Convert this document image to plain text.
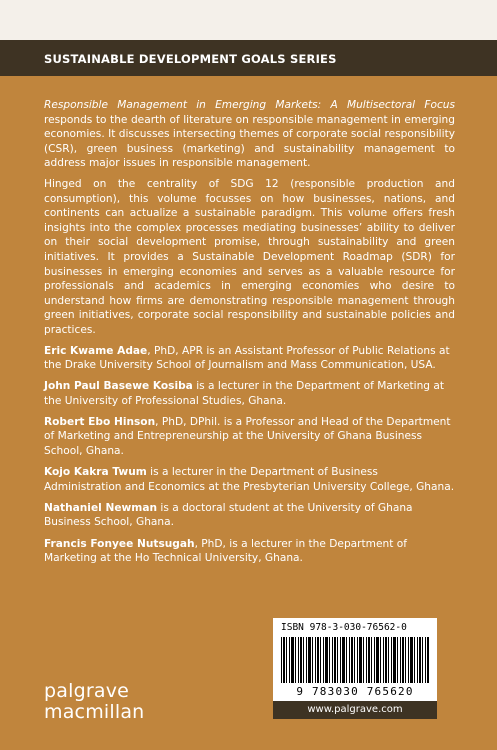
SUSTAINABLE DEVELOPMENT GOALS SERIES

Responsible Management in Emerging Markets: A Multisectoral Focus responds to the dearth of literature on responsible management in emerging economies. It discusses intersecting themes of corporate social responsibility (CSR), green business (marketing) and sustainability management to address major issues in responsible management.

Hinged on the centrality of SDG 12 (responsible production and consumption), this volume focusses on how businesses, nations, and continents can actualize a sustainable paradigm. This volume offers fresh insights into the complex processes mediating businesses’ ability to deliver on their social development promise, through sustainability and green initiatives. It provides a Sustainable Development Roadmap (SDR) for businesses in emerging economies and serves as a valuable resource for professionals and academics in emerging economies who desire to understand how firms are demonstrating responsible management through green initiatives, corporate social responsibility and sustainable policies and practices.

Eric Kwame Adae, PhD, APR is an Assistant Professor of Public Relations at the Drake University School of Journalism and Mass Communication, USA.

John Paul Basewe Kosiba is a lecturer in the Department of Marketing at the University of Professional Studies, Ghana.

Robert Ebo Hinson, PhD, DPhil. is a Professor and Head of the Department of Marketing and Entrepreneurship at the University of Ghana Business School, Ghana.

Kojo Kakra Twum is a lecturer in the Department of Business Administration and Economics at the Presbyterian University College, Ghana.

Nathaniel Newman is a doctoral student at the University of Ghana Business School, Ghana.

Francis Fonyee Nutsugah, PhD, is a lecturer in the Department of Marketing at the Ho Technical University, Ghana.

ISBN 978-3-030-76562-0
9 783030 765620
www.palgrave.com
palgrave
macmillan
